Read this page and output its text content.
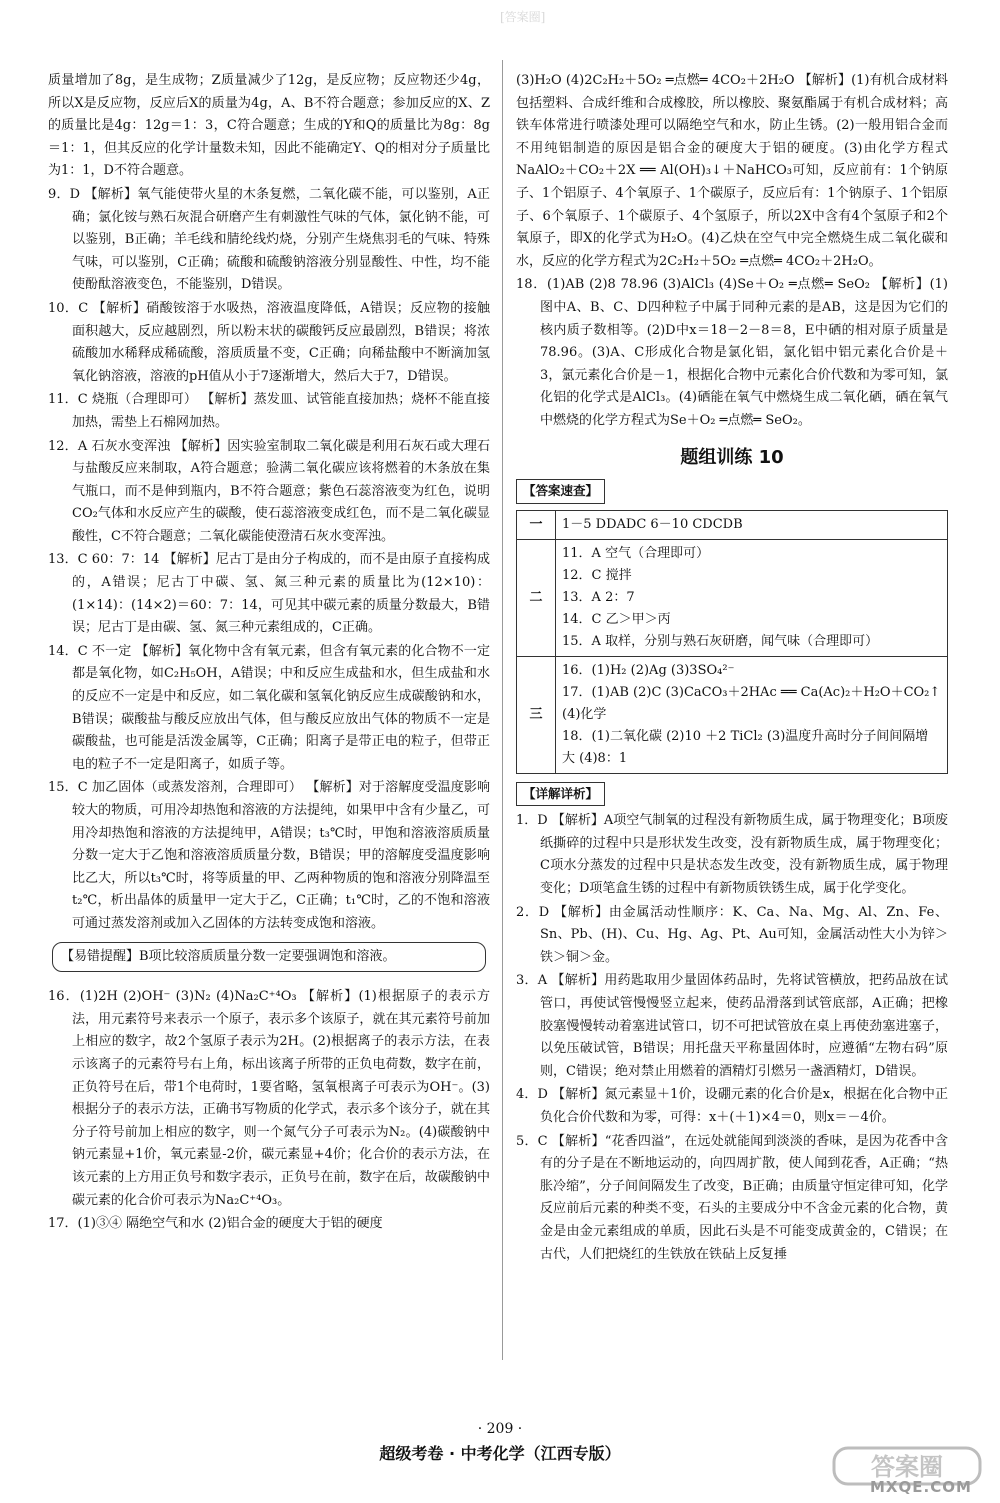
[答案圈]

质量增加了8g，是生成物；Z质量减少了12g，是反应物；反应物还少4g，所以X是反应物，反应后X的质量为4g，A、B不符合题意；参加反应的X、Z的质量比是4g：12g＝1：3，C符合题意；生成的Y和Q的质量比为8g：8g＝1：1，但其反应的化学计量数未知，因此不能确定Y、Q的相对分子质量比为1：1，D不符合题意。

9．D 【解析】氧气能使带火星的木条复燃，二氧化碳不能，可以鉴别，A正确；氯化铵与熟石灰混合研磨产生有刺激性气味的气体，氯化钠不能，可以鉴别，B正确；羊毛线和腈纶线灼烧，分别产生烧焦羽毛的气味、特殊气味，可以鉴别，C正确；硫酸和硫酸钠溶液分别显酸性、中性，均不能使酚酞溶液变色，不能鉴别，D错误。

10．C 【解析】硝酸铵溶于水吸热，溶液温度降低，A错误；反应物的接触面积越大，反应越剧烈，所以粉末状的碳酸钙反应最剧烈，B错误；将浓硫酸加水稀释成稀硫酸，溶质质量不变，C正确；向稀盐酸中不断滴加氢氧化钠溶液，溶液的pH值从小于7逐渐增大，然后大于7，D错误。

11．C 烧瓶（合理即可） 【解析】蒸发皿、试管能直接加热；烧杯不能直接加热，需垫上石棉网加热。

12．A 石灰水变浑浊 【解析】因实验室制取二氧化碳是利用石灰石或大理石与盐酸反应来制取，A符合题意；验满二氧化碳应该将燃着的木条放在集气瓶口，而不是伸到瓶内，B不符合题意；紫色石蕊溶液变为红色，说明CO₂气体和水反应产生的碳酸，使石蕊溶液变成红色，而不是二氧化碳显酸性，C不符合题意；二氧化碳能使澄清石灰水变浑浊。

13．C 60：7：14 【解析】尼古丁是由分子构成的，而不是由原子直接构成的，A错误；尼古丁中碳、氢、氮三种元素的质量比为(12×10)：(1×14)：(14×2)＝60：7：14，可见其中碳元素的质量分数最大，B错误；尼古丁是由碳、氢、氮三种元素组成的，C正确。

14．C 不一定 【解析】氧化物中含有氧元素，但含有氧元素的化合物不一定都是氧化物，如C₂H₅OH，A错误；中和反应生成盐和水，但生成盐和水的反应不一定是中和反应，如二氧化碳和氢氧化钠反应生成碳酸钠和水，B错误；碳酸盐与酸反应放出气体，但与酸反应放出气体的物质不一定是碳酸盐，也可能是活泼金属等，C正确；阳离子是带正电的粒子，但带正电的粒子不一定是阳离子，如质子等。

15．C 加乙固体（或蒸发溶剂，合理即可） 【解析】对于溶解度受温度影响较大的物质，可用冷却热饱和溶液的方法提纯，如果甲中含有少量乙，可用冷却热饱和溶液的方法提纯甲，A错误；t₃℃时，甲饱和溶液溶质质量分数一定大于乙饱和溶液溶质质量分数，B错误；甲的溶解度受温度影响比乙大，所以t₃℃时，将等质量的甲、乙两种物质的饱和溶液分别降温至t₂℃，析出晶体的质量甲一定大于乙，C正确；t₁℃时，乙的不饱和溶液可通过蒸发溶剂或加入乙固体的方法转变成饱和溶液。

【易错提醒】B项比较溶质质量分数一定要强调饱和溶液。

16．(1)2H (2)OH⁻ (3)N₂ (4)Na₂C⁺⁴O₃ 【解析】(1)根据原子的表示方法，用元素符号来表示一个原子，表示多个该原子，就在其元素符号前加上相应的数字，故2个氢原子表示为2H。(2)根据离子的表示方法，在表示该离子的元素符号右上角，标出该离子所带的正负电荷数，数字在前，正负符号在后，带1个电荷时，1要省略，氢氧根离子可表示为OH⁻。(3)根据分子的表示方法，正确书写物质的化学式，表示多个该分子，就在其分子符号前加上相应的数字，则一个氮气分子可表示为N₂。(4)碳酸钠中钠元素显+1价，氧元素显-2价，碳元素显+4价；化合价的表示方法，在该元素的上方用正负号和数字表示，正负号在前，数字在后，故碳酸钠中碳元素的化合价可表示为Na₂C⁺⁴O₃。

17．(1)③④ 隔绝空气和水 (2)铝合金的硬度大于铝的硬度

(3)H₂O (4)2C₂H₂＋5O₂ ═点燃═ 4CO₂＋2H₂O 【解析】(1)有机合成材料包括塑料、合成纤维和合成橡胶，所以橡胶、聚氨酯属于有机合成材料；高铁车体常进行喷漆处理可以隔绝空气和水，防止生锈。(2)一般用铝合金而不用纯铝制造的原因是铝合金的硬度大于铝的硬度。(3)由化学方程式NaAlO₂＋CO₂＋2X ══ Al(OH)₃↓＋NaHCO₃可知，反应前有：1个钠原子、1个铝原子、4个氧原子、1个碳原子，反应后有：1个钠原子、1个铝原子、6个氧原子、1个碳原子、4个氢原子，所以2X中含有4个氢原子和2个氧原子，即X的化学式为H₂O。(4)乙炔在空气中完全燃烧生成二氧化碳和水，反应的化学方程式为2C₂H₂＋5O₂ ═点燃═ 4CO₂＋2H₂O。

18．(1)AB (2)8 78.96 (3)AlCl₃ (4)Se＋O₂ ═点燃═ SeO₂ 【解析】(1)图中A、B、C、D四种粒子中属于同种元素的是AB，这是因为它们的核内质子数相等。(2)D中x＝18－2－8＝8，E中硒的相对原子质量是78.96。(3)A、C形成化合物是氯化铝，氯化铝中铝元素化合价是＋3，氯元素化合价是－1，根据化合物中元素化合价代数和为零可知，氯化铝的化学式是AlCl₃。(4)硒能在氧气中燃烧生成二氧化硒，硒在氧气中燃烧的化学方程式为Se＋O₂ ═点燃═ SeO₂。

题组训练 10
【答案速查】
一	1－5 DDADC 6－10 CDCDB

二	11．A 空气（合理即可）
12．C 搅拌
13．A 2：7
14．C 乙＞甲＞丙
15．A 取样，分别与熟石灰研磨，闻气味（合理即可）

三	16．(1)H₂ (2)Ag (3)3SO₄²⁻
17．(1)AB (2)C (3)CaCO₃＋2HAc ══ Ca(Ac)₂＋H₂O＋CO₂↑ (4)化学
18．(1)二氧化碳 (2)10 ＋2 TiCl₂ (3)温度升高时分子间间隔增大 (4)8：1
【详解详析】

1．D 【解析】A项空气制氧的过程没有新物质生成，属于物理变化；B项废纸撕碎的过程中只是形状发生改变，没有新物质生成，属于物理变化；C项水分蒸发的过程中只是状态发生改变，没有新物质生成，属于物理变化；D项笔盒生锈的过程中有新物质铁锈生成，属于化学变化。

2．D 【解析】由金属活动性顺序：K、Ca、Na、Mg、Al、Zn、Fe、Sn、Pb、(H)、Cu、Hg、Ag、Pt、Au可知，金属活动性大小为锌＞铁＞铜＞金。

3．A 【解析】用药匙取用少量固体药品时，先将试管横放，把药品放在试管口，再使试管慢慢竖立起来，使药品滑落到试管底部，A正确；把橡胶塞慢慢转动着塞进试管口，切不可把试管放在桌上再使劲塞进塞子，以免压破试管，B错误；用托盘天平称量固体时，应遵循“左物右码”原则，C错误；绝对禁止用燃着的酒精灯引燃另一盏酒精灯，D错误。

4．D 【解析】氮元素显＋1价，设硼元素的化合价是x，根据在化合物中正负化合价代数和为零，可得：x＋(＋1)×4＝0，则x＝－4价。

5．C 【解析】“花香四溢”，在远处就能闻到淡淡的香味，是因为花香中含有的分子是在不断地运动的，向四周扩散，使人闻到花香，A正确；“热胀冷缩”，分子间间隔发生了改变，B正确；由质量守恒定律可知，化学反应前后元素的种类不变，石头的主要成分中不含金元素的化合物，黄金是由金元素组成的单质，因此石头是不可能变成黄金的，C错误；在古代，人们把烧红的生铁放在铁砧上反复捶

· 209 ·
超级考卷 · 中考化学（江西专版）	答案圈
MXQE.COM
